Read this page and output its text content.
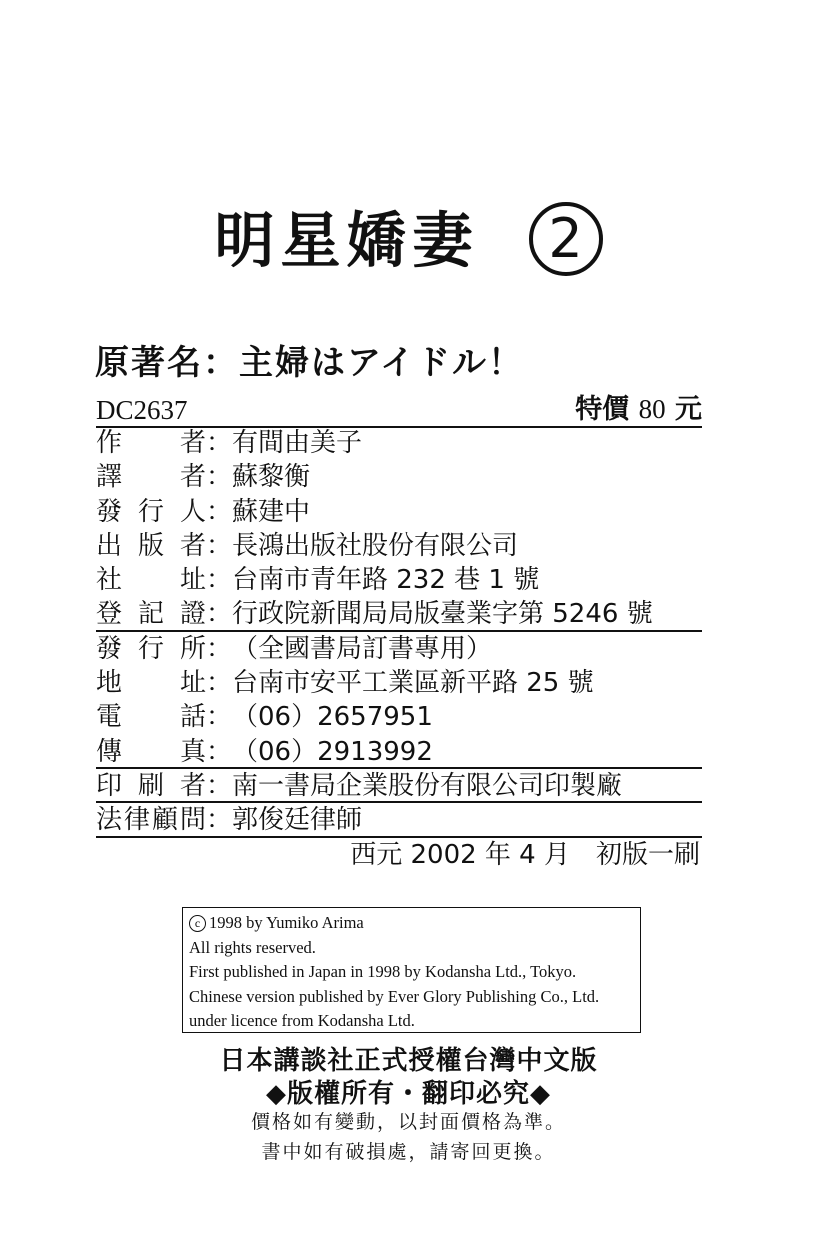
明星嬌妻 2
原著名：主婦はアイドル！
DC2637	特價 80 元
作者：有間由美子
譯者：蘇黎衡
發行人：蘇建中
出版者：長鴻出版社股份有限公司
社址：台南市青年路 232 巷 1 號
登記證：行政院新聞局局版臺業字第 5246 號
發行所：（全國書局訂書專用）
地址：台南市安平工業區新平路 25 號
電話：（06）2657951
傳真：（06）2913992
印刷者：南一書局企業股份有限公司印製廠
法律顧問：郭俊廷律師
西元 2002 年 4 月　初版一刷
c 1998 by Yumiko Arima
All rights reserved.
First published in Japan in 1998 by Kodansha Ltd., Tokyo.
Chinese version published by Ever Glory Publishing Co., Ltd.
under licence from Kodansha Ltd.
日本講談社正式授權台灣中文版
◆版權所有・翻印必究◆
價格如有變動，以封面價格為準。
書中如有破損處，請寄回更換。
